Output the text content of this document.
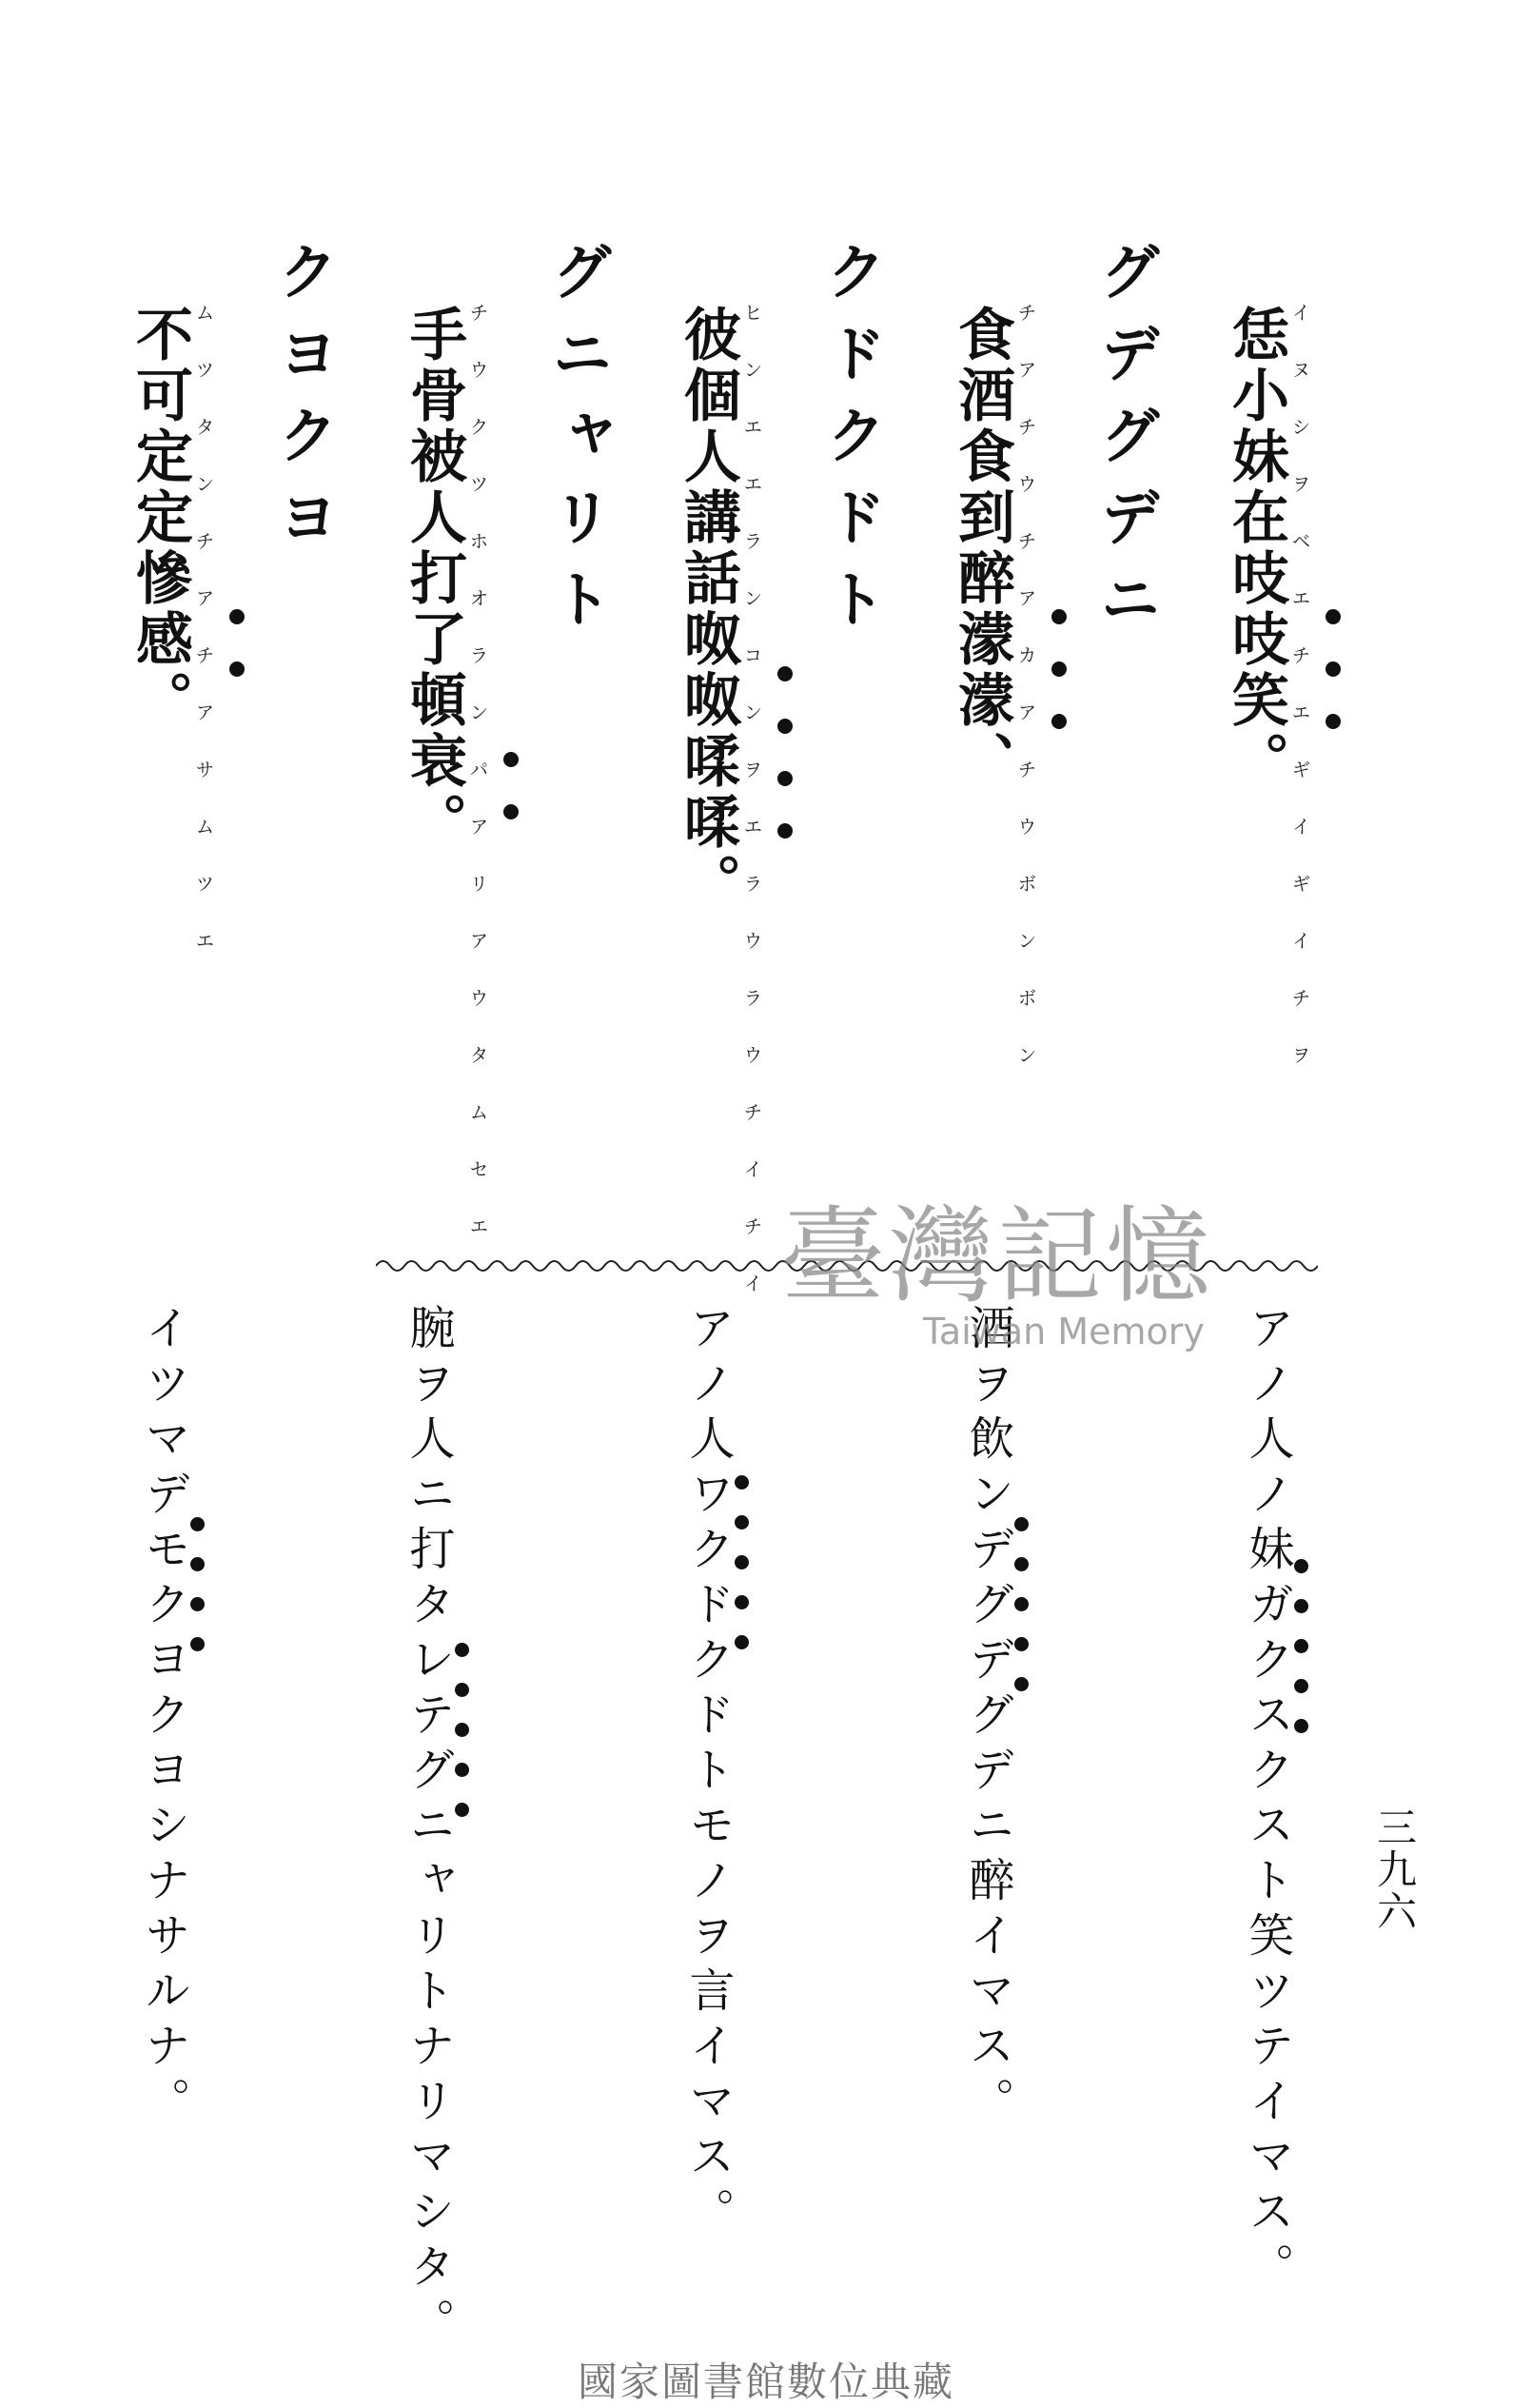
グデグデニ
クドクドト
グニャリト
クヨクヨ	恁小妹在吱吱笑。 イヌシヲベエチエギイギイチヲ
食酒食到醉濛濛、 チアチウチアカアチウボンボン
彼個人講話呶呶㖻㖻。 ヒンエエランコンヲエラウラウチイチイ
手骨被人打了頓衰。 チウクツホオランパアリアウタムセエ
不可定定慘感。 ムツタンチアチアサムツエ
アノ人ノ妹ガクスクスト笑ツテイマス。
酒ヲ飲ンデグデグデニ醉イマス。
アノ人ワクドクドトモノヲ言イマス。
腕ヲ人ニ打タレテグニャリトナリマシタ。
イツマデモクヨクヨシナサルナ。	三九六
臺灣記憶
Taiwan Memory
國家圖書館數位典藏
